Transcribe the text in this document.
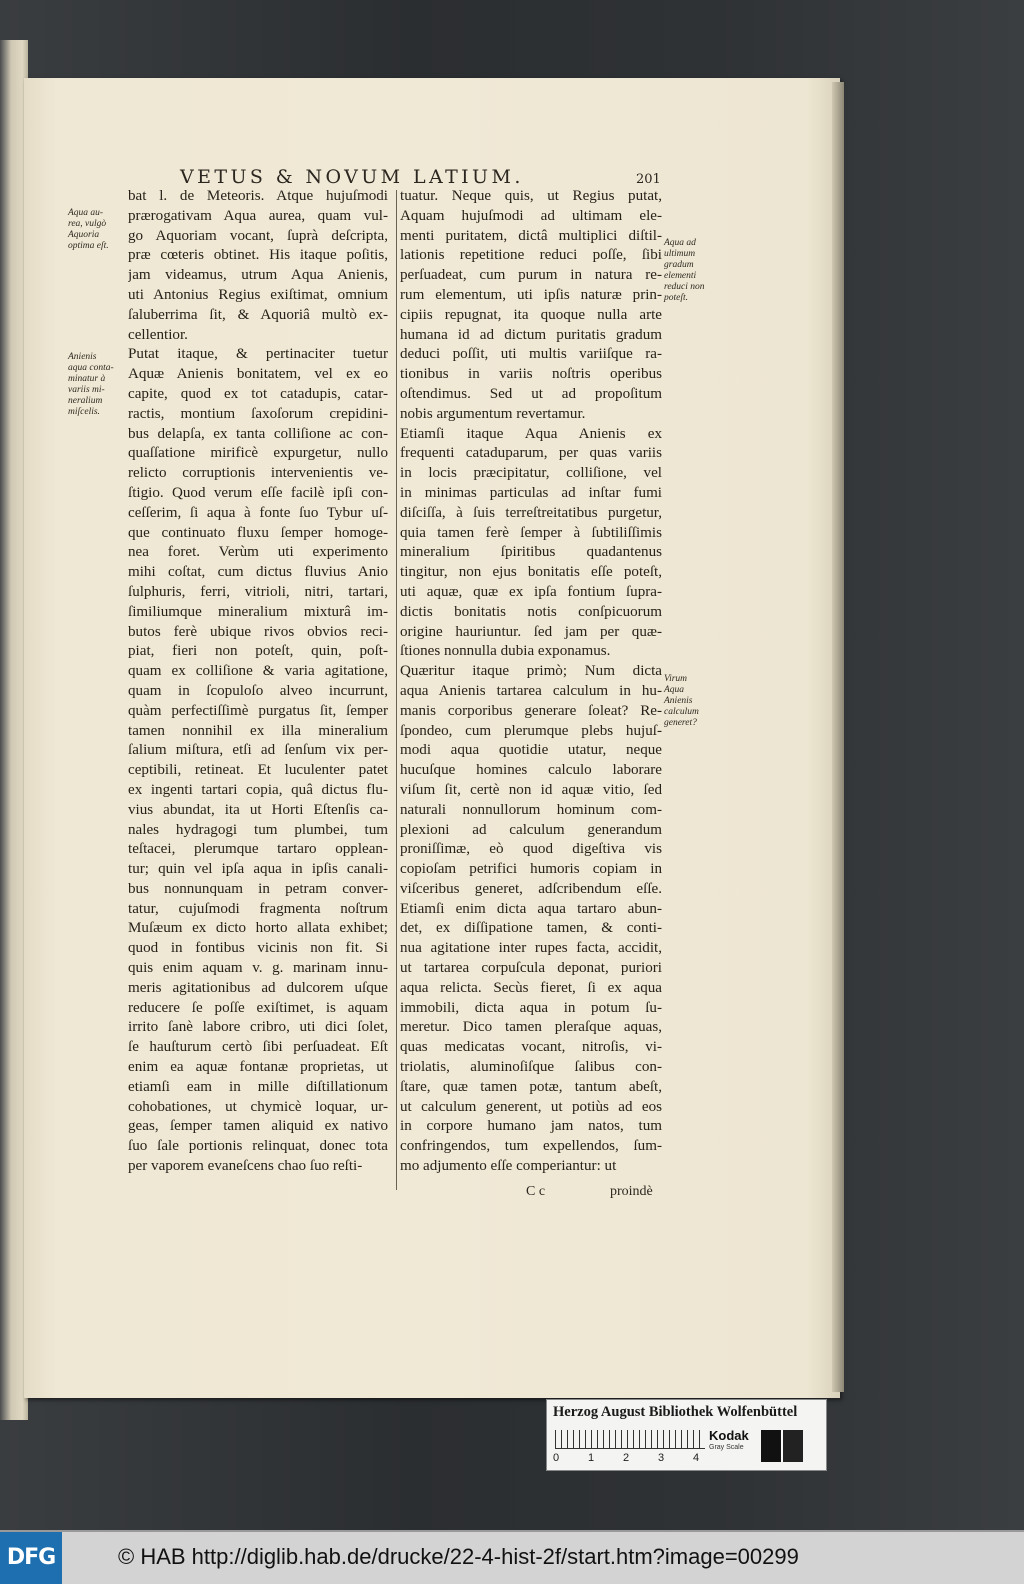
VETUS & NOVUM LATIUM.	201
bat l. de Meteoris. Atque hujuſmodi
prærogativam Aqua aurea, quam vul-
go Aquoriam vocant, ſuprà deſcripta,
præ cœteris obtinet. His itaque poſitis,
jam videamus, utrum Aqua Anienis,
uti Antonius Regius exiſtimat, omnium
ſaluberrima ſit, & Aquoriâ multò ex-
cellentior.
Putat itaque, & pertinaciter tuetur
Aquæ Anienis bonitatem, vel ex eo
capite, quod ex tot catadupis, catar-
ractis, montium ſaxoſorum crepidini-
bus delapſa, ex tanta colliſione ac con-
quaſſatione mirificè expurgetur, nullo
relicto corruptionis intervenientis ve-
ſtigio. Quod verum eſſe facilè ipſi con-
ceſſerim, ſi aqua à fonte ſuo Tybur uſ-
que continuato fluxu ſemper homoge-
nea foret. Verùm uti experimento
mihi coſtat, cum dictus fluvius Anio
ſulphuris, ferri, vitrioli, nitri, tartari,
ſimiliumque mineralium mixturâ im-
butos ferè ubique rivos obvios reci-
piat, fieri non poteſt, quin, poſt-
quam ex colliſione & varia agitatione,
quam in ſcopuloſo alveo incurrunt,
quàm perfectiſſimè purgatus ſit, ſemper
tamen nonnihil ex illa mineralium
ſalium miſtura, etſi ad ſenſum vix per-
ceptibili, retineat. Et luculenter patet
ex ingenti tartari copia, quâ dictus flu-
vius abundat, ita ut Horti Eſtenſis ca-
nales hydragogi tum plumbei, tum
teſtacei, plerumque tartaro opplean-
tur; quin vel ipſa aqua in ipſis canali-
bus nonnunquam in petram conver-
tatur, cujuſmodi fragmenta noſtrum
Muſæum ex dicto horto allata exhibet;
quod in fontibus vicinis non fit. Si
quis enim aquam v. g. marinam innu-
meris agitationibus ad dulcorem uſque
reducere ſe poſſe exiſtimet, is aquam
irrito ſanè labore cribro, uti dici ſolet,
ſe hauſturum certò ſibi perſuadeat. Eſt
enim ea aquæ fontanæ proprietas, ut
etiamſi eam in mille diſtillationum
cohobationes, ut chymicè loquar, ur-
geas, ſemper tamen aliquid ex nativo
ſuo ſale portionis relinquat, donec tota
per vaporem evaneſcens chao ſuo reſti-
tuatur. Neque quis, ut Regius putat,
Aquam hujuſmodi ad ultimam ele-
menti puritatem, dictâ multiplici diſtil-
lationis repetitione reduci poſſe, ſibi
perſuadeat, cum purum in natura re-
rum elementum, uti ipſis naturæ prin-
cipiis repugnat, ita quoque nulla arte
humana id ad dictum puritatis gradum
deduci poſſit, uti multis variiſque ra-
tionibus in variis noſtris operibus
oſtendimus. Sed ut ad propoſitum
nobis argumentum revertamur.
Etiamſi itaque Aqua Anienis ex
frequenti cataduparum, per quas variis
in locis præcipitatur, colliſione, vel
in minimas particulas ad inſtar fumi
diſciſſa, à ſuis terreſtreitatibus purgetur,
quia tamen ferè ſemper à ſubtiliſſimis
mineralium ſpiritibus quadantenus
tingitur, non ejus bonitatis eſſe poteſt,
uti aquæ, quæ ex ipſa fontium ſupra-
dictis bonitatis notis conſpicuorum
origine hauriuntur. ſed jam per quæ-
ſtiones nonnulla dubia exponamus.
Quæritur itaque primò; Num dicta
aqua Anienis tartarea calculum in hu-
manis corporibus generare ſoleat? Re-
ſpondeo, cum plerumque plebs hujuſ-
modi aqua quotidie utatur, neque
hucuſque homines calculo laborare
viſum ſit, certè non id aquæ vitio, ſed
naturali nonnullorum hominum com-
plexioni ad calculum generandum
proniſſimæ, eò quod digeſtiva vis
copioſam petrifici humoris copiam in
viſceribus generet, adſcribendum eſſe.
Etiamſi enim dicta aqua tartaro abun-
det, ex diſſipatione tamen, & conti-
nua agitatione inter rupes facta, accidit,
ut tartarea corpuſcula deponat, puriori
aqua relicta. Secùs fieret, ſi ex aqua
immobili, dicta aqua in potum ſu-
meretur. Dico tamen pleraſque aquas,
quas medicatas vocant, nitroſis, vi-
triolatis, aluminoſiſque ſalibus con-
ſtare, quæ tamen potæ, tantum abeſt,
ut calculum generent, ut potiùs ad eos
in corpore humano jam natos, tum
confringendos, tum expellendos, ſum-
mo adjumento eſſe comperiantur: ut
Aqua au-
rea, vulgò
Aquoria
optima eſt.
Anienis
aqua conta-
minatur à
variis mi-
neralium
miſcelis.
Aqua ad
ultimum
gradum
elementi
reduci non
poteſt.
Virum
Aqua
Anienis
calculum
generet?
C c	proindè
Herzog August Bibliothek Wolfenbüttel
0	1	2	3	4
Kodak
Gray Scale
DFG	© HAB http://diglib.hab.de/drucke/22-4-hist-2f/start.htm?image=00299
